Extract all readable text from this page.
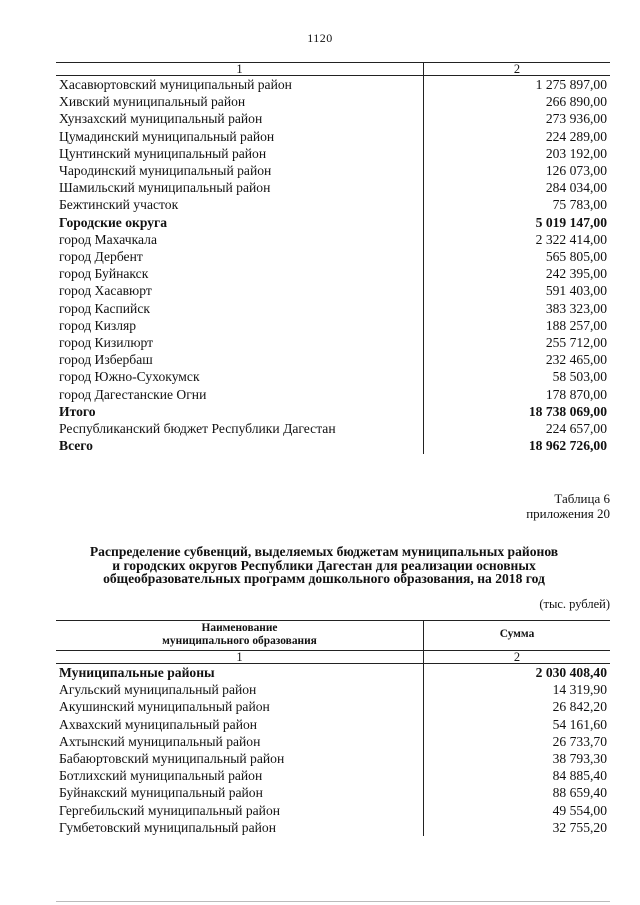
1120
1	2
Хасавюртовский муниципальный район	1 275 897,00
Хивский муниципальный район	266 890,00
Хунзахский муниципальный район	273 936,00
Цумадинский муниципальный район	224 289,00
Цунтинский муниципальный район	203 192,00
Чародинский муниципальный район	126 073,00
Шамильский муниципальный район	284 034,00
Бежтинский участок	75 783,00
Городские округа	5 019 147,00
город Махачкала	2 322 414,00
город Дербент	565 805,00
город Буйнакск	242 395,00
город Хасавюрт	591 403,00
город Каспийск	383 323,00
город Кизляр	188 257,00
город Кизилюрт	255 712,00
город Избербаш	232 465,00
город Южно-Сухокумск	58 503,00
город Дагестанские Огни	178 870,00
Итого	18 738 069,00
Республиканский бюджет Республики Дагестан	224 657,00
Всего	18 962 726,00
Таблица 6
приложения 20
Распределение субвенций, выделяемых бюджетам муниципальных районов
и городских округов Республики Дагестан для реализации основных
общеобразовательных программ дошкольного образования, на 2018 год
(тыс. рублей)
Наименование
муниципального образования	Сумма
1	2
Муниципальные районы	2 030 408,40
Агульский муниципальный район	14 319,90
Акушинский муниципальный район	26 842,20
Ахвахский муниципальный район	54 161,60
Ахтынский муниципальный район	26 733,70
Бабаюртовский муниципальный район	38 793,30
Ботлихский муниципальный район	84 885,40
Буйнакский муниципальный район	88 659,40
Гергебильский муниципальный район	49 554,00
Гумбетовский муниципальный район	32 755,20
